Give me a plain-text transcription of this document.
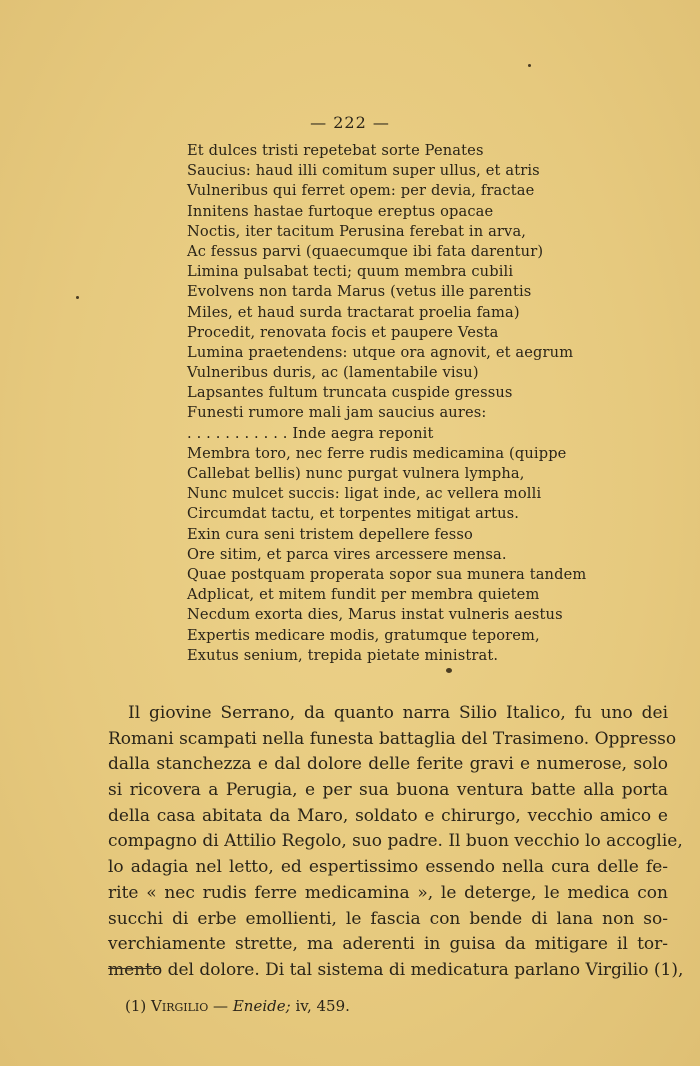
— 222 —
Et dulces tristi repetebat sorte Penates
Saucius: haud illi comitum super ullus, et atris
Vulneribus qui ferret opem: per devia, fractae
Innitens hastae furtoque ereptus opacae
Noctis, iter tacitum Perusina ferebat in arva,
Ac fessus parvi (quaecumque ibi fata darentur)
Limina pulsabat tecti; quum membra cubili
Evolvens non tarda Marus (vetus ille parentis
Miles, et haud surda tractarat proelia fama)
Procedit, renovata focis et paupere Vesta
Lumina praetendens: utque ora agnovit, et aegrum
Vulneribus duris, ac (lamentabile visu)
Lapsantes fultum truncata cuspide gressus
Funesti rumore mali jam saucius aures:
. . . . . . . . . . . Inde aegra reponit
Membra toro, nec ferre rudis medicamina (quippe
Callebat bellis) nunc purgat vulnera lympha,
Nunc mulcet succis: ligat inde, ac vellera molli
Circumdat tactu, et torpentes mitigat artus.
Exin cura seni tristem depellere fesso
Ore sitim, et parca vires arcessere mensa.
Quae postquam properata sopor sua munera tandem
Adplicat, et mitem fundit per membra quietem
Necdum exorta dies, Marus instat vulneris aestus
Expertis medicare modis, gratumque teporem,
Exutus senium, trepida pietate ministrat.
Il giovine Serrano, da quanto narra Silio Italico, fu uno dei
Romani scampati nella funesta battaglia del Trasimeno. Oppresso
dalla stanchezza e dal dolore delle ferite gravi e numerose, solo
si ricovera a Perugia, e per sua buona ventura batte alla porta
della casa abitata da Maro, soldato e chirurgo, vecchio amico e
compagno di Attilio Regolo, suo padre. Il buon vecchio lo accoglie,
lo adagia nel letto, ed espertissimo essendo nella cura delle fe-
rite « nec rudis ferre medicamina », le deterge, le medica con
succhi di erbe emollienti, le fascia con bende di lana non so-
verchiamente strette, ma aderenti in guisa da mitigare il tor-
mento del dolore. Di tal sistema di medicatura parlano Virgilio (1),
(1) Virgilio — Eneide; iv, 459.
